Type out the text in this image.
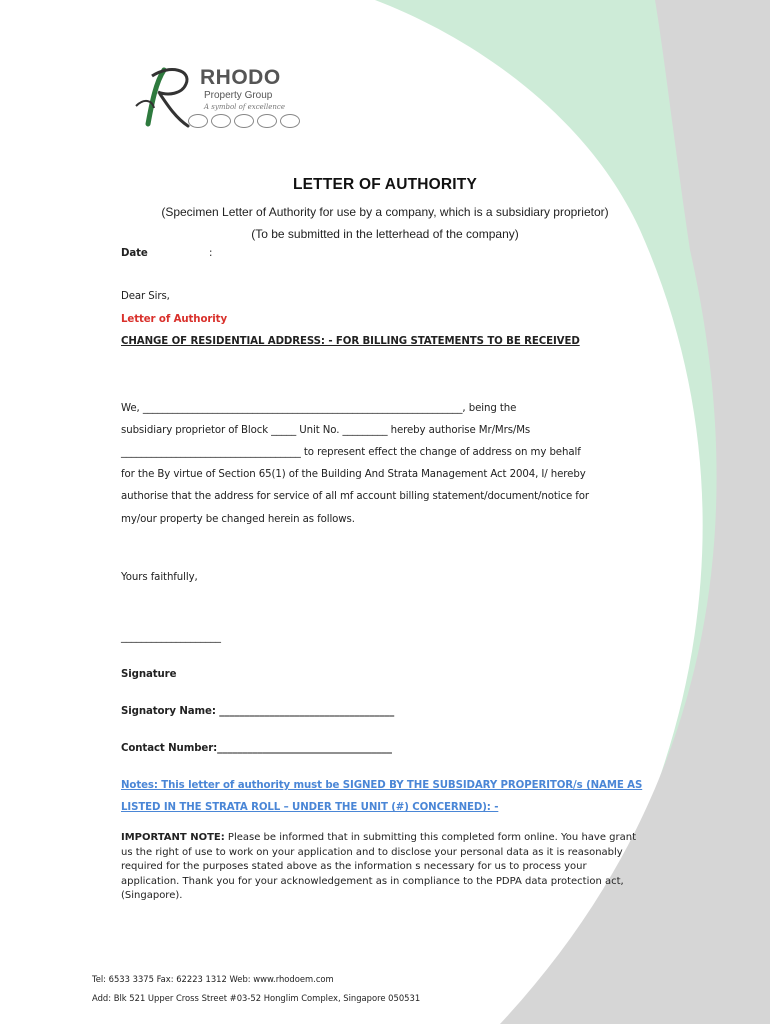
RHODO
Property Group
A symbol of excellence
LETTER OF AUTHORITY
(Specimen Letter of Authority for use by a company, which is a subsidiary proprietor)
(To be submitted in the letterhead of the company)
Date	:
Dear Sirs,
Letter of Authority
CHANGE OF RESIDENTIAL ADDRESS: - FOR BILLING STATEMENTS TO BE RECEIVED
We, ________________________________________________________________, being the
subsidiary proprietor of Block _____ Unit No. _________ hereby authorise Mr/Mrs/Ms
____________________________________ to represent effect the change of address on my behalf
for the By virtue of Section 65(1) of the Building And Strata Management Act 2004, I/ hereby
authorise that the address for service of all mf account billing statement/document/notice for
my/our property be changed herein as follows.
Yours faithfully,
____________________
Signature
Signatory Name: ___________________________________
Contact Number:___________________________________
Notes: This letter of authority must be SIGNED BY THE SUBSIDARY PROPERITOR/s (NAME AS
LISTED IN THE STRATA ROLL – UNDER THE UNIT (#) CONCERNED): -
IMPORTANT NOTE: Please be informed that in submitting this completed form online. You have grant us the right of use to work on your application and to disclose your personal data as it is reasonably required for the purposes stated above as the information s necessary for us to process your application. Thank you for your acknowledgement as in compliance to the PDPA data protection act, (Singapore).
Tel: 6533 3375 Fax: 62223 1312 Web: www.rhodoem.com
Add: Blk 521 Upper Cross Street #03-52 Honglim Complex, Singapore 050531
